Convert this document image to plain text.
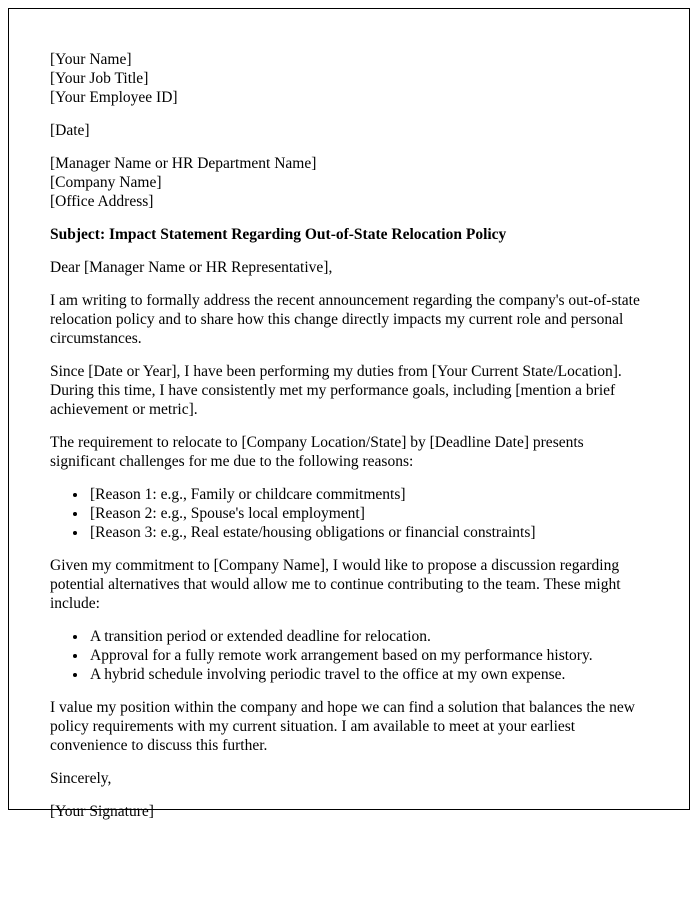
[Your Name]

[Your Job Title]

[Your Employee ID]

[Date]

[Manager Name or HR Department Name]

[Company Name]

[Office Address]

Subject: Impact Statement Regarding Out-of-State Relocation Policy

Dear [Manager Name or HR Representative],

I am writing to formally address the recent announcement regarding the company's out-of-state relocation policy and to share how this change directly impacts my current role and personal circumstances.

Since [Date or Year], I have been performing my duties from [Your Current State/Location]. During this time, I have consistently met my performance goals, including [mention a brief achievement or metric].

The requirement to relocate to [Company Location/State] by [Deadline Date] presents significant challenges for me due to the following reasons:

• [Reason 1: e.g., Family or childcare commitments]
• [Reason 2: e.g., Spouse's local employment]
• [Reason 3: e.g., Real estate/housing obligations or financial constraints]

Given my commitment to [Company Name], I would like to propose a discussion regarding potential alternatives that would allow me to continue contributing to the team. These might include:

• A transition period or extended deadline for relocation.
• Approval for a fully remote work arrangement based on my performance history.
• A hybrid schedule involving periodic travel to the office at my own expense.

I value my position within the company and hope we can find a solution that balances the new policy requirements with my current situation. I am available to meet at your earliest convenience to discuss this further.

Sincerely,

[Your Signature]
